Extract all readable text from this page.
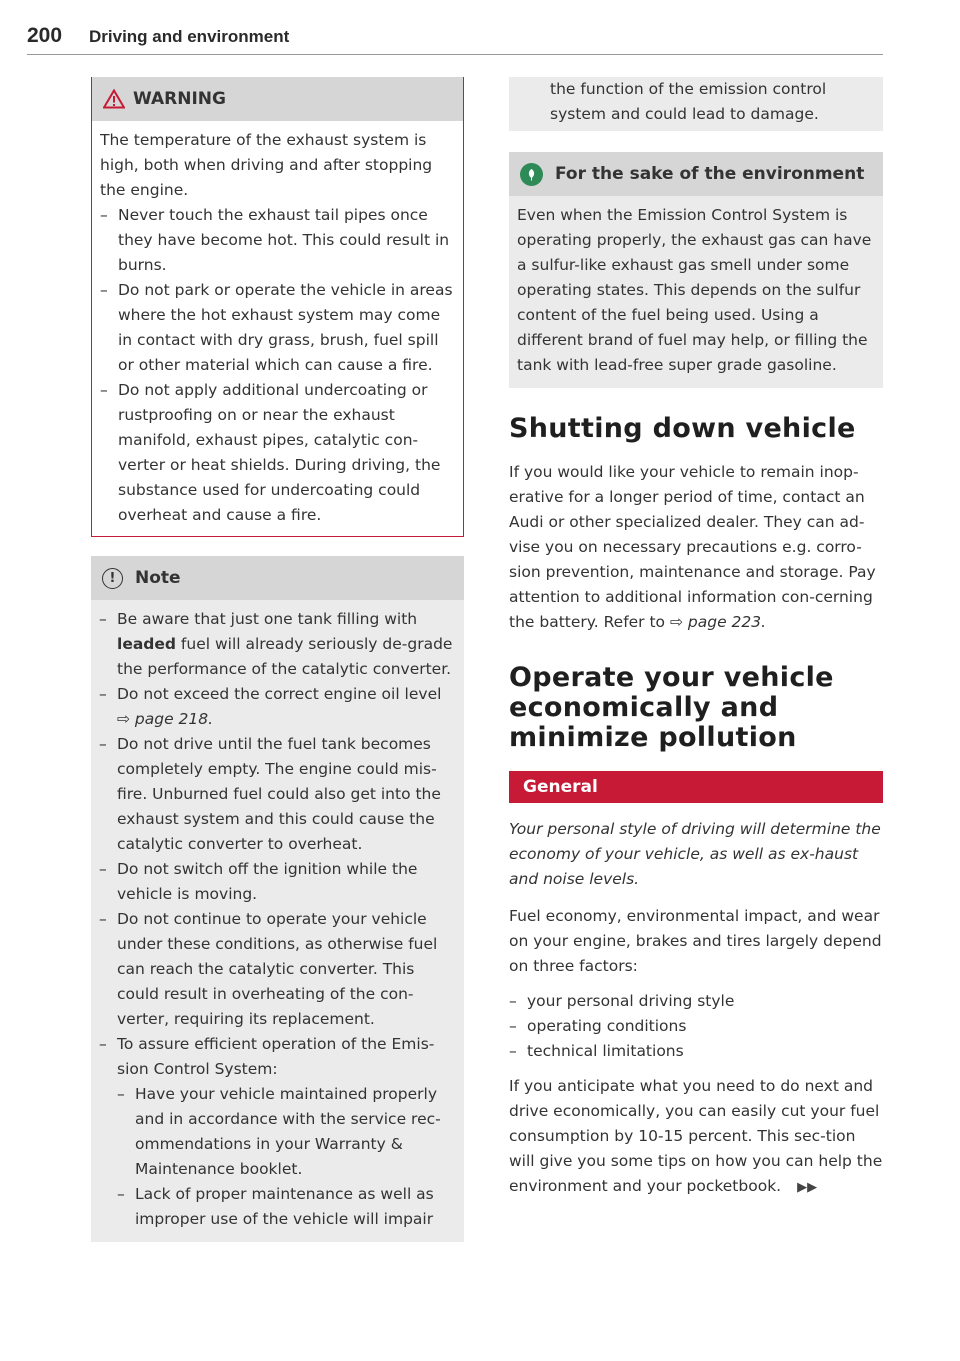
200 Driving and environment
WARNING

The temperature of the exhaust system is high, both when driving and after stopping the engine.

– Never touch the exhaust tail pipes once they have become hot. This could result in burns.
– Do not park or operate the vehicle in areas where the hot exhaust system may come in contact with dry grass, brush, fuel spill or other material which can cause a fire.
– Do not apply additional undercoating or rustproofing on or near the exhaust manifold, exhaust pipes, catalytic con-verter or heat shields. During driving, the substance used for undercoating could overheat and cause a fire.
!	Note
– Be aware that just one tank filling with leaded fuel will already seriously de-grade the performance of the catalytic converter.
– Do not exceed the correct engine oil level
⇨ page 218.
– Do not drive until the fuel tank becomes completely empty. The engine could mis-fire. Unburned fuel could also get into the exhaust system and this could cause the catalytic converter to overheat.
– Do not switch off the ignition while the vehicle is moving.
– Do not continue to operate your vehicle under these conditions, as otherwise fuel can reach the catalytic converter. This could result in overheating of the con-verter, requiring its replacement.
– To assure efficient operation of the Emis-sion Control System:
– Have your vehicle maintained properly and in accordance with the service rec-ommendations in your Warranty & Maintenance booklet.
– Lack of proper maintenance as well as improper use of the vehicle will impair

the function of the emission control system and could lead to damage.

For the sake of the environment

Even when the Emission Control System is operating properly, the exhaust gas can have a sulfur-like exhaust gas smell under some operating states. This depends on the sulfur content of the fuel being used. Using a different brand of fuel may help, or filling the tank with lead-free super grade gasoline.

Shutting down vehicle

If you would like your vehicle to remain inop-erative for a longer period of time, contact an Audi or other specialized dealer. They can ad-vise you on necessary precautions e.g. corro-sion prevention, maintenance and storage. Pay attention to additional information con-cerning the battery. Refer to ⇨ page 223.

Operate your vehicle economically and minimize pollution
General

Your personal style of driving will determine the economy of your vehicle, as well as ex-haust and noise levels.

Fuel economy, environmental impact, and wear on your engine, brakes and tires largely depend on three factors:

– your personal driving style
– operating conditions
– technical limitations

If you anticipate what you need to do next and drive economically, you can easily cut your fuel consumption by 10-15 percent. This sec-tion will give you some tips on how you can help the environment and your pocketbook. ▶▶
